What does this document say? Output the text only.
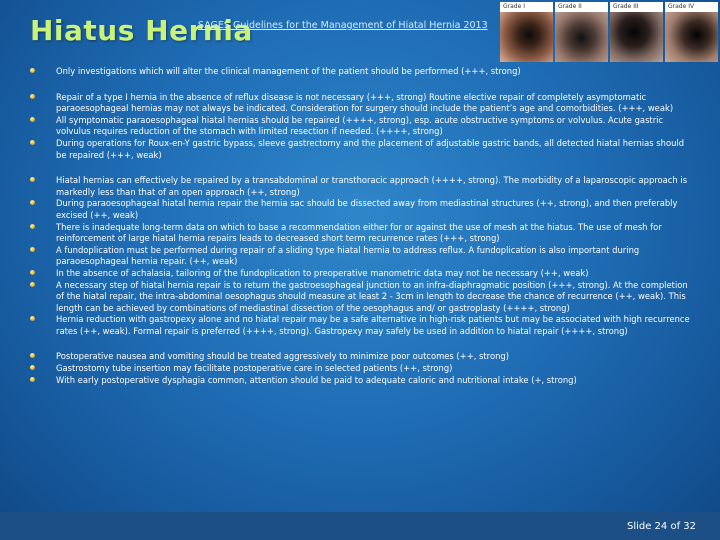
Hiatus Hernia
SAGES Guidelines for the Management of Hiatal Hernia 2013
Grade I	Grade II	Grade III	Grade IV
Only investigations which will alter the clinical management of the patient should be performed (+++, strong)
Repair of a type I hernia in the absence of reflux disease is not necessary (+++, strong) Routine elective repair of completely asymptomatic paraoesophageal hernias may not always be indicated. Consideration for surgery should include the patient’s age and comorbidities. (+++, weak)
All symptomatic paraoesophageal hiatal hernias should be repaired (++++, strong), esp. acute obstructive symptoms or volvulus. Acute gastric volvulus requires reduction of the stomach with limited resection if needed. (++++, strong)
During operations for Roux-en-Y gastric bypass, sleeve gastrectomy and the placement of adjustable gastric bands, all detected hiatal hernias should be repaired (+++, weak)
Hiatal hernias can effectively be repaired by a transabdominal or transthoracic approach (++++, strong). The morbidity of a laparoscopic approach is markedly less than that of an open approach (++, strong)
During paraoesophageal hiatal hernia repair the hernia sac should be dissected away from mediastinal structures (++, strong), and then preferably excised (++, weak)
There is inadequate long-term data on which to base a recommendation either for or against the use of mesh at the hiatus. The use of mesh for reinforcement of large hiatal hernia repairs leads to decreased short term recurrence rates (+++, strong)
A fundoplication must be performed during repair of a sliding type hiatal hernia to address reflux. A fundoplication is also important during paraoesophageal hernia repair. (++, weak)
In the absence of achalasia, tailoring of the fundoplication to preoperative manometric data may not be necessary (++, weak)
A necessary step of hiatal hernia repair is to return the gastroesophageal junction to an infra-diaphragmatic position (+++, strong). At the completion of the hiatal repair, the intra-abdominal oesophagus should measure at least 2 - 3cm in length to decrease the chance of recurrence (++, weak). This length can be achieved by combinations of mediastinal dissection of the oesophagus and/ or gastroplasty (++++, strong)
Hernia reduction with gastropexy alone and no hiatal repair may be a safe alternative in high-risk patients but may be associated with high recurrence rates (++, weak). Formal repair is preferred (++++, strong). Gastropexy may safely be used in addition to hiatal repair (++++, strong)
Postoperative nausea and vomiting should be treated aggressively to minimize poor outcomes (++, strong)
Gastrostomy tube insertion may facilitate postoperative care in selected patients (++, strong)
With early postoperative dysphagia common, attention should be paid to adequate caloric and nutritional intake (+, strong)
Slide 24 of 32
